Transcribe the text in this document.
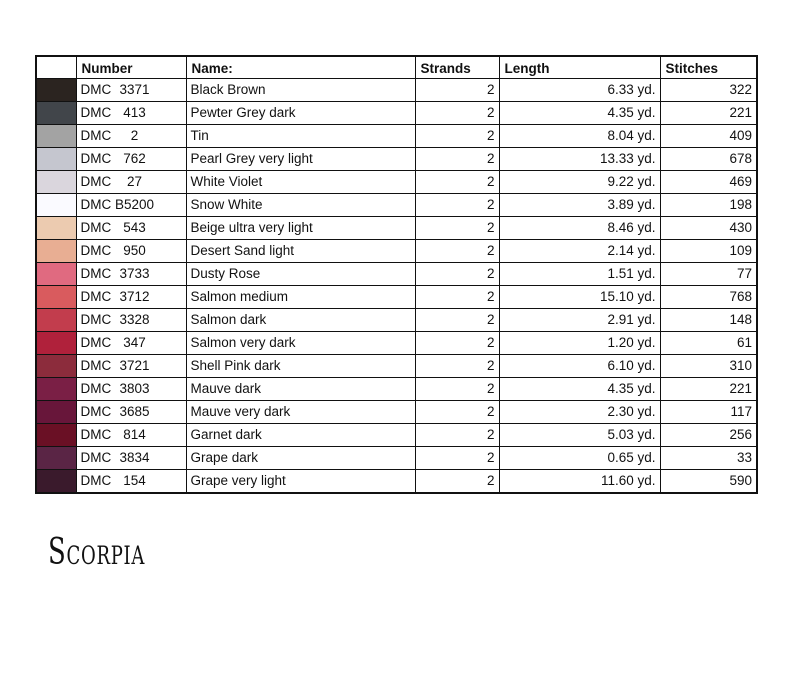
	Number	Name:	Strands	Length	Stitches

	DMC 3371	Black Brown	2	6.33 yd.	322

	DMC 413	Pewter Grey dark	2	4.35 yd.	221

	DMC 2	Tin	2	8.04 yd.	409

	DMC 762	Pearl Grey very light	2	13.33 yd.	678

	DMC 27	White Violet	2	9.22 yd.	469

	DMC B5200	Snow White	2	3.89 yd.	198

	DMC 543	Beige ultra very light	2	8.46 yd.	430

	DMC 950	Desert Sand light	2	2.14 yd.	109

	DMC 3733	Dusty Rose	2	1.51 yd.	77

	DMC 3712	Salmon medium	2	15.10 yd.	768

	DMC 3328	Salmon dark	2	2.91 yd.	148

	DMC 347	Salmon very dark	2	1.20 yd.	61

	DMC 3721	Shell Pink dark	2	6.10 yd.	310

	DMC 3803	Mauve dark	2	4.35 yd.	221

	DMC 3685	Mauve very dark	2	2.30 yd.	117

	DMC 814	Garnet dark	2	5.03 yd.	256

	DMC 3834	Grape dark	2	0.65 yd.	33

	DMC 154	Grape very light	2	11.60 yd.	590
Scorpia
